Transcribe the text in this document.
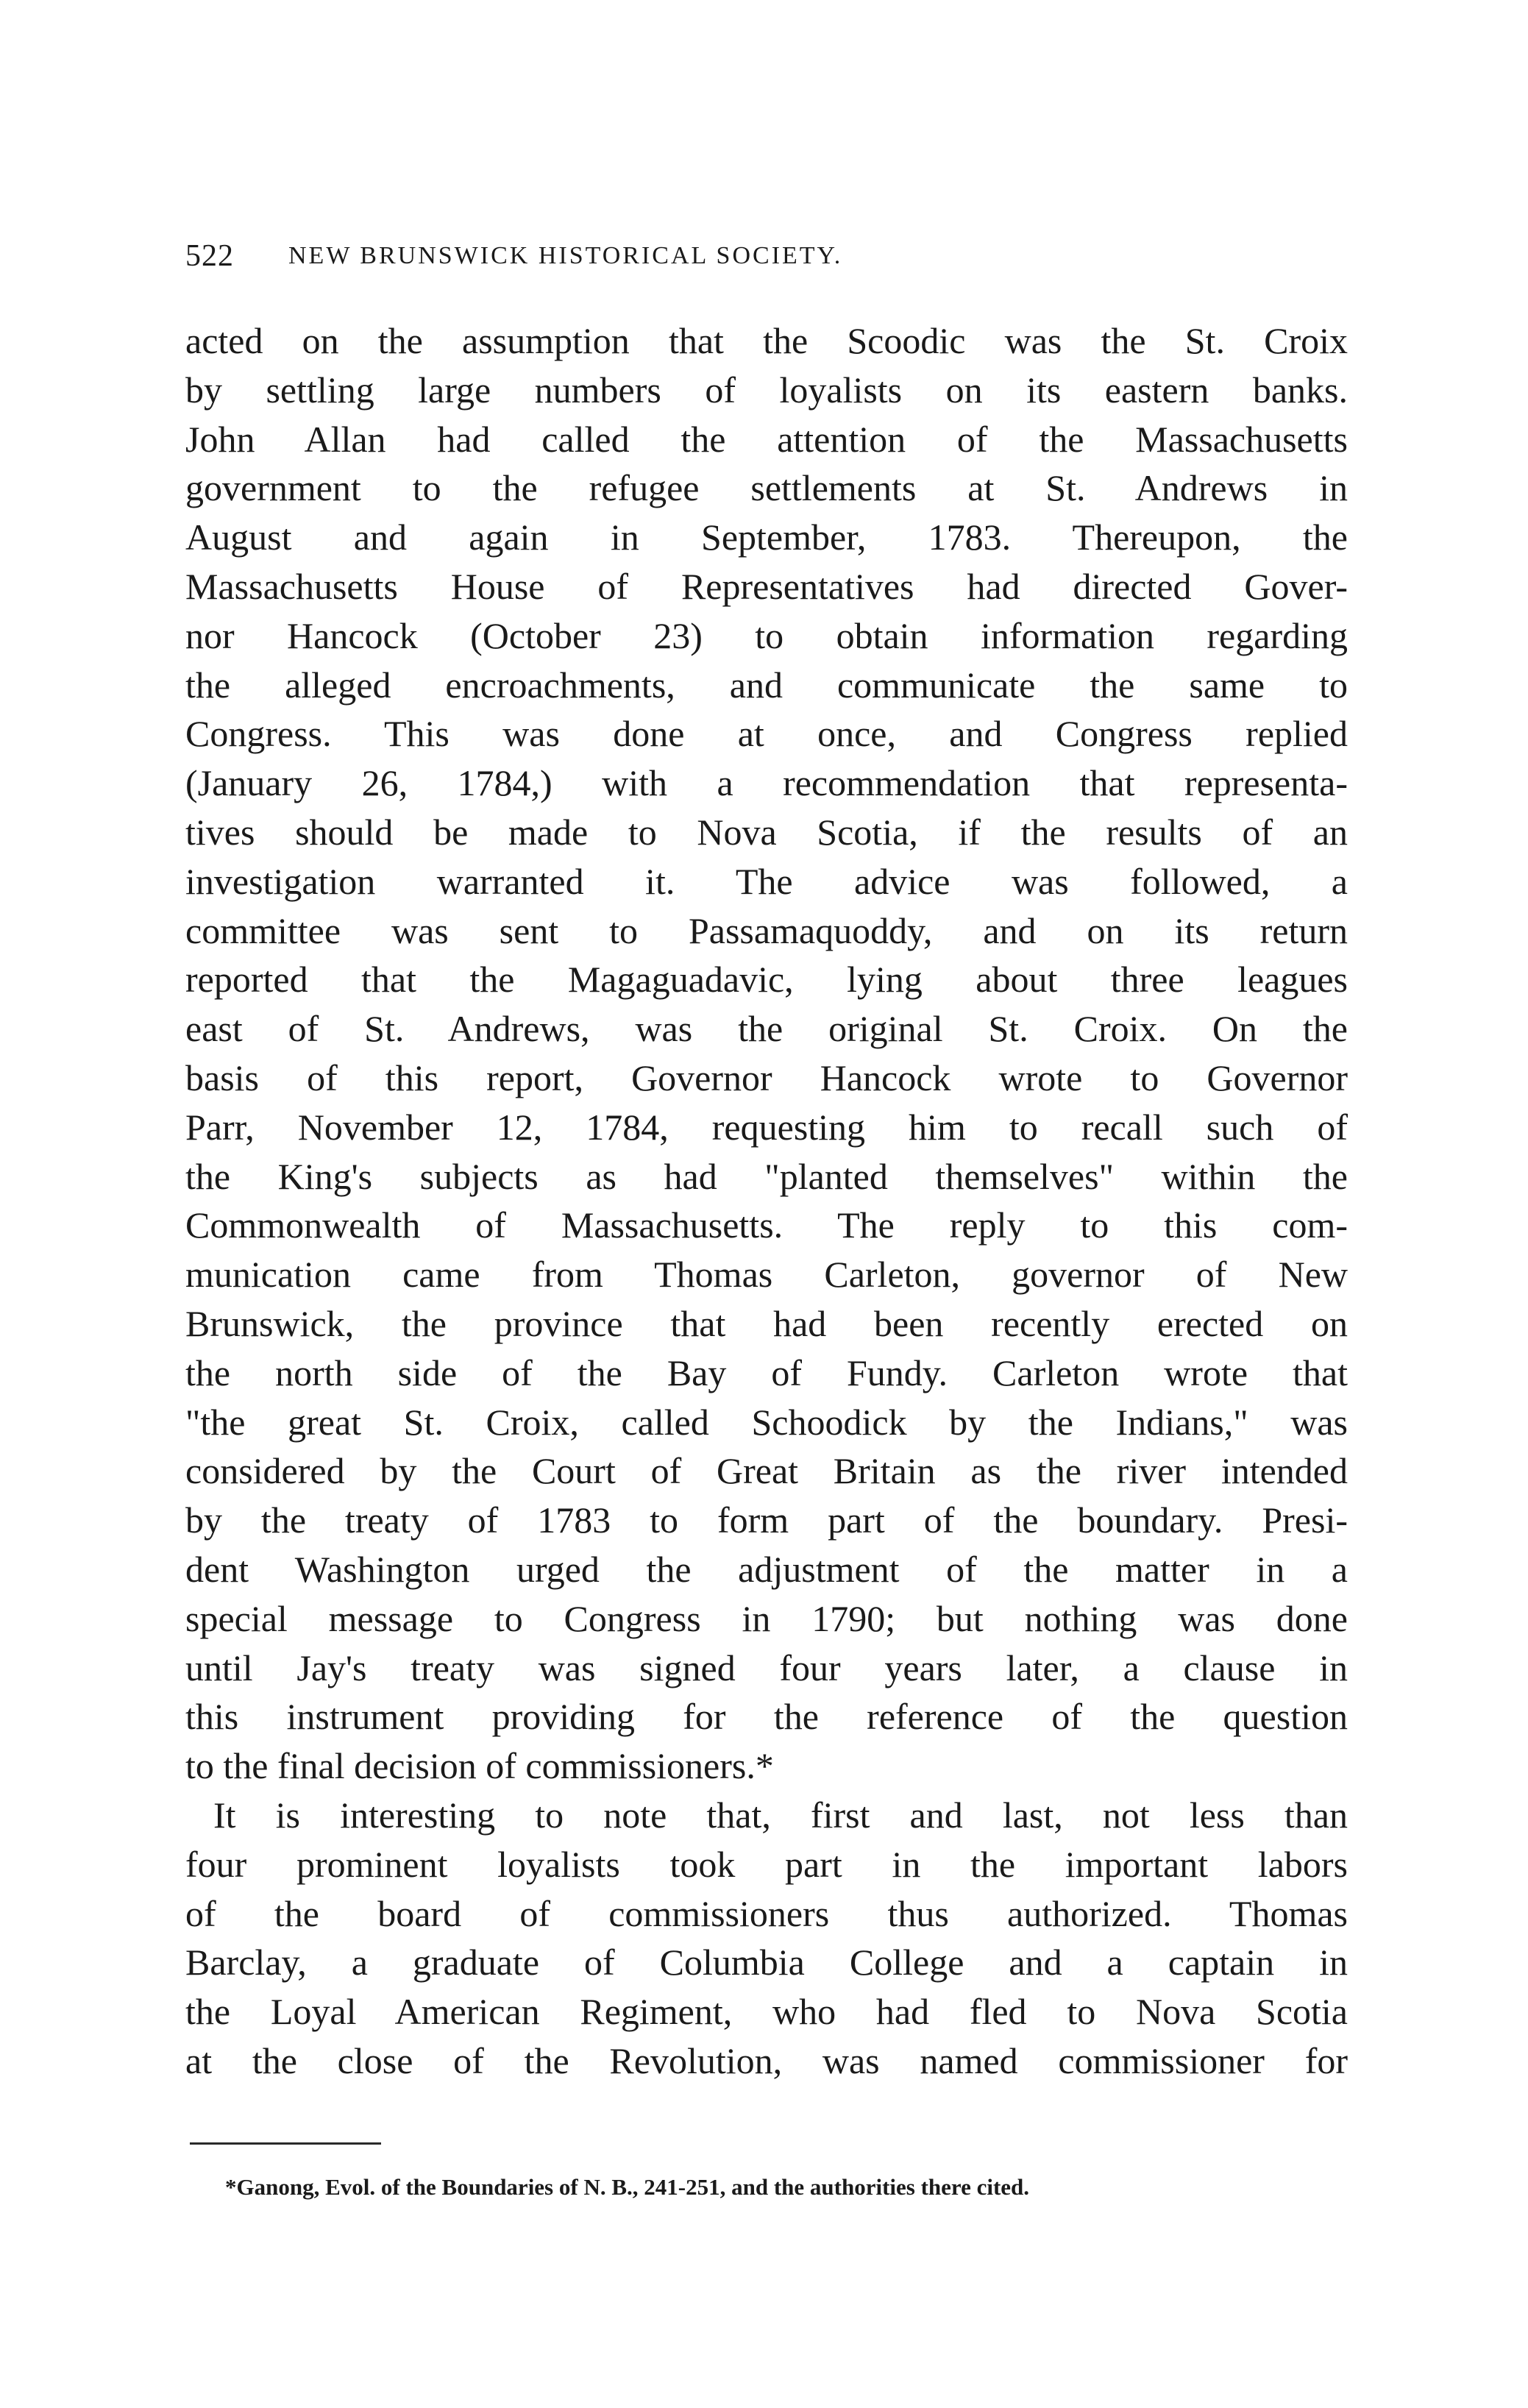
522 NEW BRUNSWICK HISTORICAL SOCIETY.
acted on the assumption that the Scoodic was the St. Croix
by settling large numbers of loyalists on its eastern banks.
John Allan had called the attention of the Massachusetts
government to the refugee settlements at St. Andrews in
August and again in September, 1783. Thereupon, the
Massachusetts House of Representatives had directed Gover-
nor Hancock (October 23) to obtain information regarding
the alleged encroachments, and communicate the same to
Congress. This was done at once, and Congress replied
(January 26, 1784,) with a recommendation that representa-
tives should be made to Nova Scotia, if the results of an
investigation warranted it. The advice was followed, a
committee was sent to Passamaquoddy, and on its return
reported that the Magaguadavic, lying about three leagues
east of St. Andrews, was the original St. Croix. On the
basis of this report, Governor Hancock wrote to Governor
Parr, November 12, 1784, requesting him to recall such of
the King's subjects as had "planted themselves" within the
Commonwealth of Massachusetts. The reply to this com-
munication came from Thomas Carleton, governor of New
Brunswick, the province that had been recently erected on
the north side of the Bay of Fundy. Carleton wrote that
"the great St. Croix, called Schoodick by the Indians," was
considered by the Court of Great Britain as the river intended
by the treaty of 1783 to form part of the boundary. Presi-
dent Washington urged the adjustment of the matter in a
special message to Congress in 1790; but nothing was done
until Jay's treaty was signed four years later, a clause in
this instrument providing for the reference of the question
to the final decision of commissioners.*
It is interesting to note that, first and last, not less than
four prominent loyalists took part in the important labors
of the board of commissioners thus authorized. Thomas
Barclay, a graduate of Columbia College and a captain in
the Loyal American Regiment, who had fled to Nova Scotia
at the close of the Revolution, was named commissioner for
*Ganong, Evol. of the Boundaries of N. B., 241-251, and the authorities there cited.
